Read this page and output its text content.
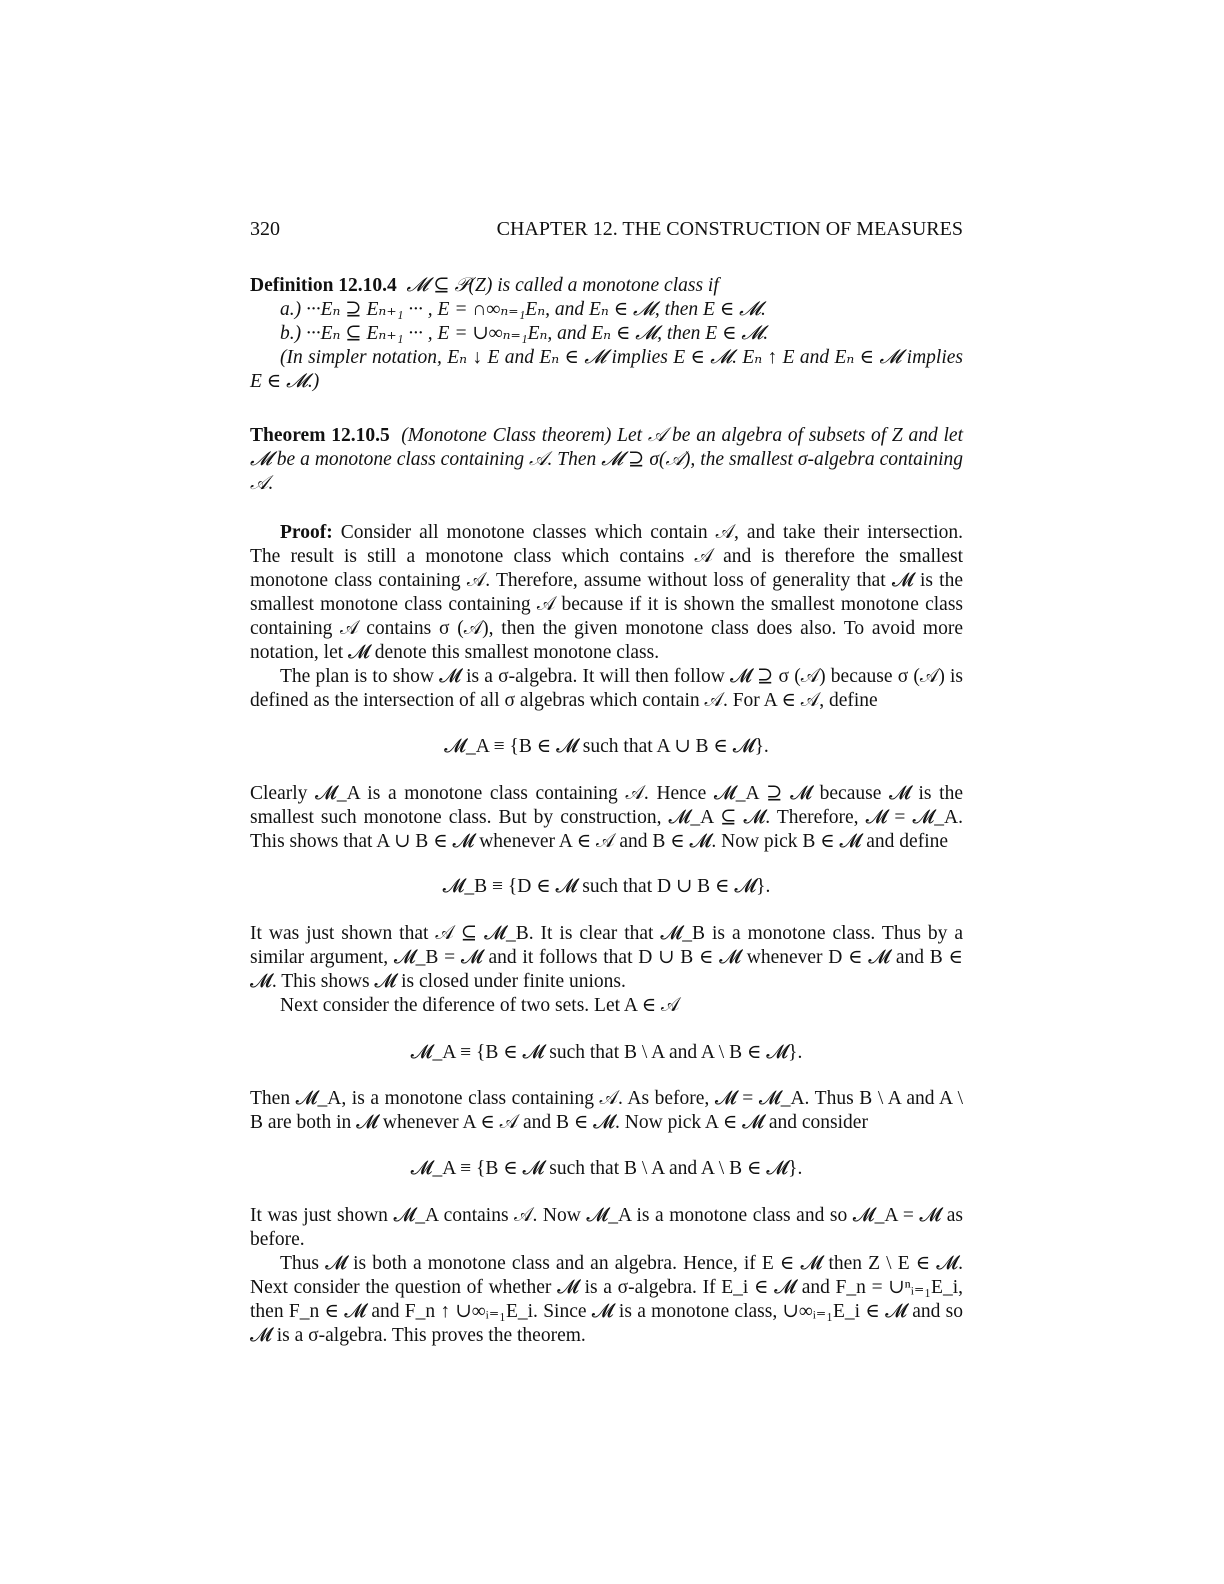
320	CHAPTER 12. THE CONSTRUCTION OF MEASURES

Definition 12.10.4 𝓜 ⊆ 𝒫(Z) is called a monotone class if

a.) ···Eₙ ⊇ Eₙ₊₁ ··· , E = ∩∞ₙ₌₁Eₙ, and Eₙ ∈ 𝓜, then E ∈ 𝓜.

b.) ···Eₙ ⊆ Eₙ₊₁ ··· , E = ∪∞ₙ₌₁Eₙ, and Eₙ ∈ 𝓜, then E ∈ 𝓜.

(In simpler notation, Eₙ ↓ E and Eₙ ∈ 𝓜 implies E ∈ 𝓜. Eₙ ↑ E and Eₙ ∈ 𝓜 implies E ∈ 𝓜.)

Theorem 12.10.5 (Monotone Class theorem) Let 𝒜 be an algebra of subsets of Z and let 𝓜 be a monotone class containing 𝒜. Then 𝓜 ⊇ σ(𝒜), the smallest σ-algebra containing 𝒜.

Proof: Consider all monotone classes which contain 𝒜, and take their intersection. The result is still a monotone class which contains 𝒜 and is therefore the smallest monotone class containing 𝒜. Therefore, assume without loss of generality that 𝓜 is the smallest monotone class containing 𝒜 because if it is shown the smallest monotone class containing 𝒜 contains σ (𝒜), then the given monotone class does also. To avoid more notation, let 𝓜 denote this smallest monotone class.

The plan is to show 𝓜 is a σ-algebra. It will then follow 𝓜 ⊇ σ (𝒜) because σ (𝒜) is defined as the intersection of all σ algebras which contain 𝒜. For A ∈ 𝒜, define

𝓜_A ≡ {B ∈ 𝓜 such that A ∪ B ∈ 𝓜}.

Clearly 𝓜_A is a monotone class containing 𝒜. Hence 𝓜_A ⊇ 𝓜 because 𝓜 is the smallest such monotone class. But by construction, 𝓜_A ⊆ 𝓜. Therefore, 𝓜 = 𝓜_A. This shows that A ∪ B ∈ 𝓜 whenever A ∈ 𝒜 and B ∈ 𝓜. Now pick B ∈ 𝓜 and define

𝓜_B ≡ {D ∈ 𝓜 such that D ∪ B ∈ 𝓜}.

It was just shown that 𝒜 ⊆ 𝓜_B. It is clear that 𝓜_B is a monotone class. Thus by a similar argument, 𝓜_B = 𝓜 and it follows that D ∪ B ∈ 𝓜 whenever D ∈ 𝓜 and B ∈ 𝓜. This shows 𝓜 is closed under finite unions.

Next consider the diference of two sets. Let A ∈ 𝒜

𝓜_A ≡ {B ∈ 𝓜 such that B \ A and A \ B ∈ 𝓜}.

Then 𝓜_A, is a monotone class containing 𝒜. As before, 𝓜 = 𝓜_A. Thus B \ A and A \ B are both in 𝓜 whenever A ∈ 𝒜 and B ∈ 𝓜. Now pick A ∈ 𝓜 and consider

𝓜_A ≡ {B ∈ 𝓜 such that B \ A and A \ B ∈ 𝓜}.

It was just shown 𝓜_A contains 𝒜. Now 𝓜_A is a monotone class and so 𝓜_A = 𝓜 as before.

Thus 𝓜 is both a monotone class and an algebra. Hence, if E ∈ 𝓜 then Z \ E ∈ 𝓜. Next consider the question of whether 𝓜 is a σ-algebra. If E_i ∈ 𝓜 and F_n = ∪ⁿᵢ₌₁E_i, then F_n ∈ 𝓜 and F_n ↑ ∪∞ᵢ₌₁E_i. Since 𝓜 is a monotone class, ∪∞ᵢ₌₁E_i ∈ 𝓜 and so 𝓜 is a σ-algebra. This proves the theorem.
